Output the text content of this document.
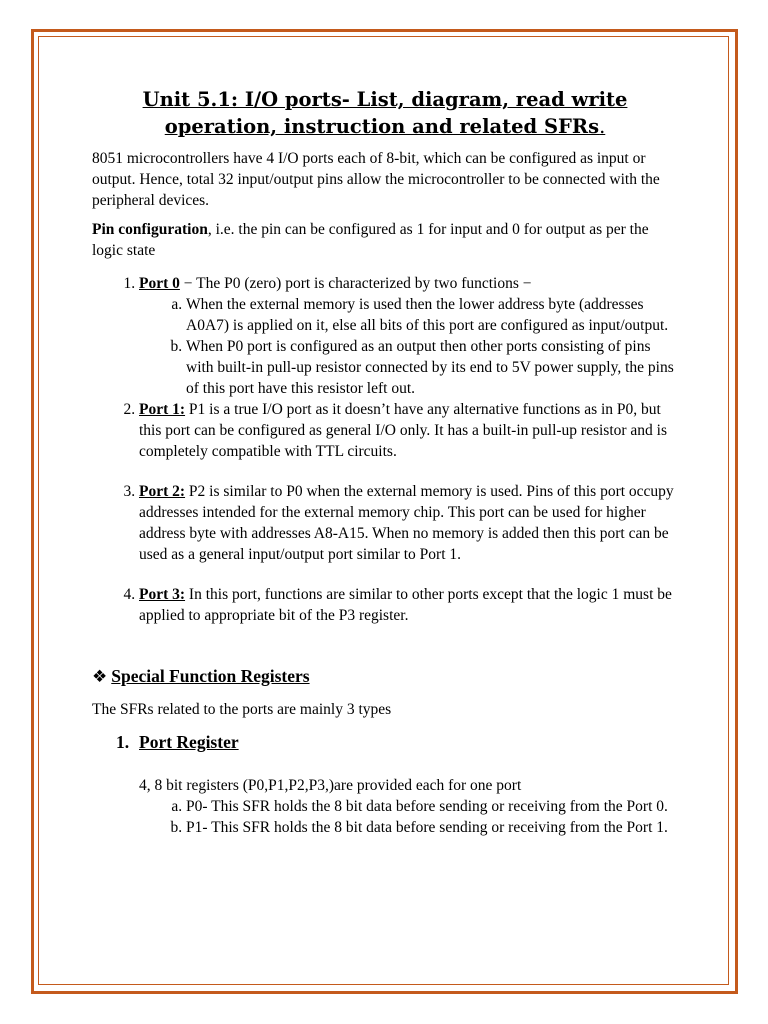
Unit 5.1: I/O ports- List, diagram, read write
operation, instruction and related SFRs.

8051 microcontrollers have 4 I/O ports each of 8-bit, which can be configured as input or output. Hence, total 32 input/output pins allow the microcontroller to be connected with the peripheral devices.

Pin configuration, i.e. the pin can be configured as 1 for input and 0 for output as per the logic state

1. Port 0 − The P0 (zero) port is characterized by two functions −
a. When the external memory is used then the lower address byte (addresses A0A7) is applied on it, else all bits of this port are configured as input/output.
b. When P0 port is configured as an output then other ports consisting of pins with built-in pull-up resistor connected by its end to 5V power supply, the pins of this port have this resistor left out.
2. Port 1: P1 is a true I/O port as it doesn’t have any alternative functions as in P0, but this port can be configured as general I/O only. It has a built-in pull-up resistor and is completely compatible with TTL circuits.
3. Port 2: P2 is similar to P0 when the external memory is used. Pins of this port occupy addresses intended for the external memory chip. This port can be used for higher address byte with addresses A8-A15. When no memory is added then this port can be used as a general input/output port similar to Port 1.
4. Port 3: In this port, functions are similar to other ports except that the logic 1 must be applied to appropriate bit of the P3 register.
❖ Special Function Registers

The SFRs related to the ports are mainly 3 types

1. Port Register

4, 8 bit registers (P0,P1,P2,P3,)are provided each for one port

a. P0- This SFR holds the 8 bit data before sending or receiving from the Port 0.
b. P1- This SFR holds the 8 bit data before sending or receiving from the Port 1.
